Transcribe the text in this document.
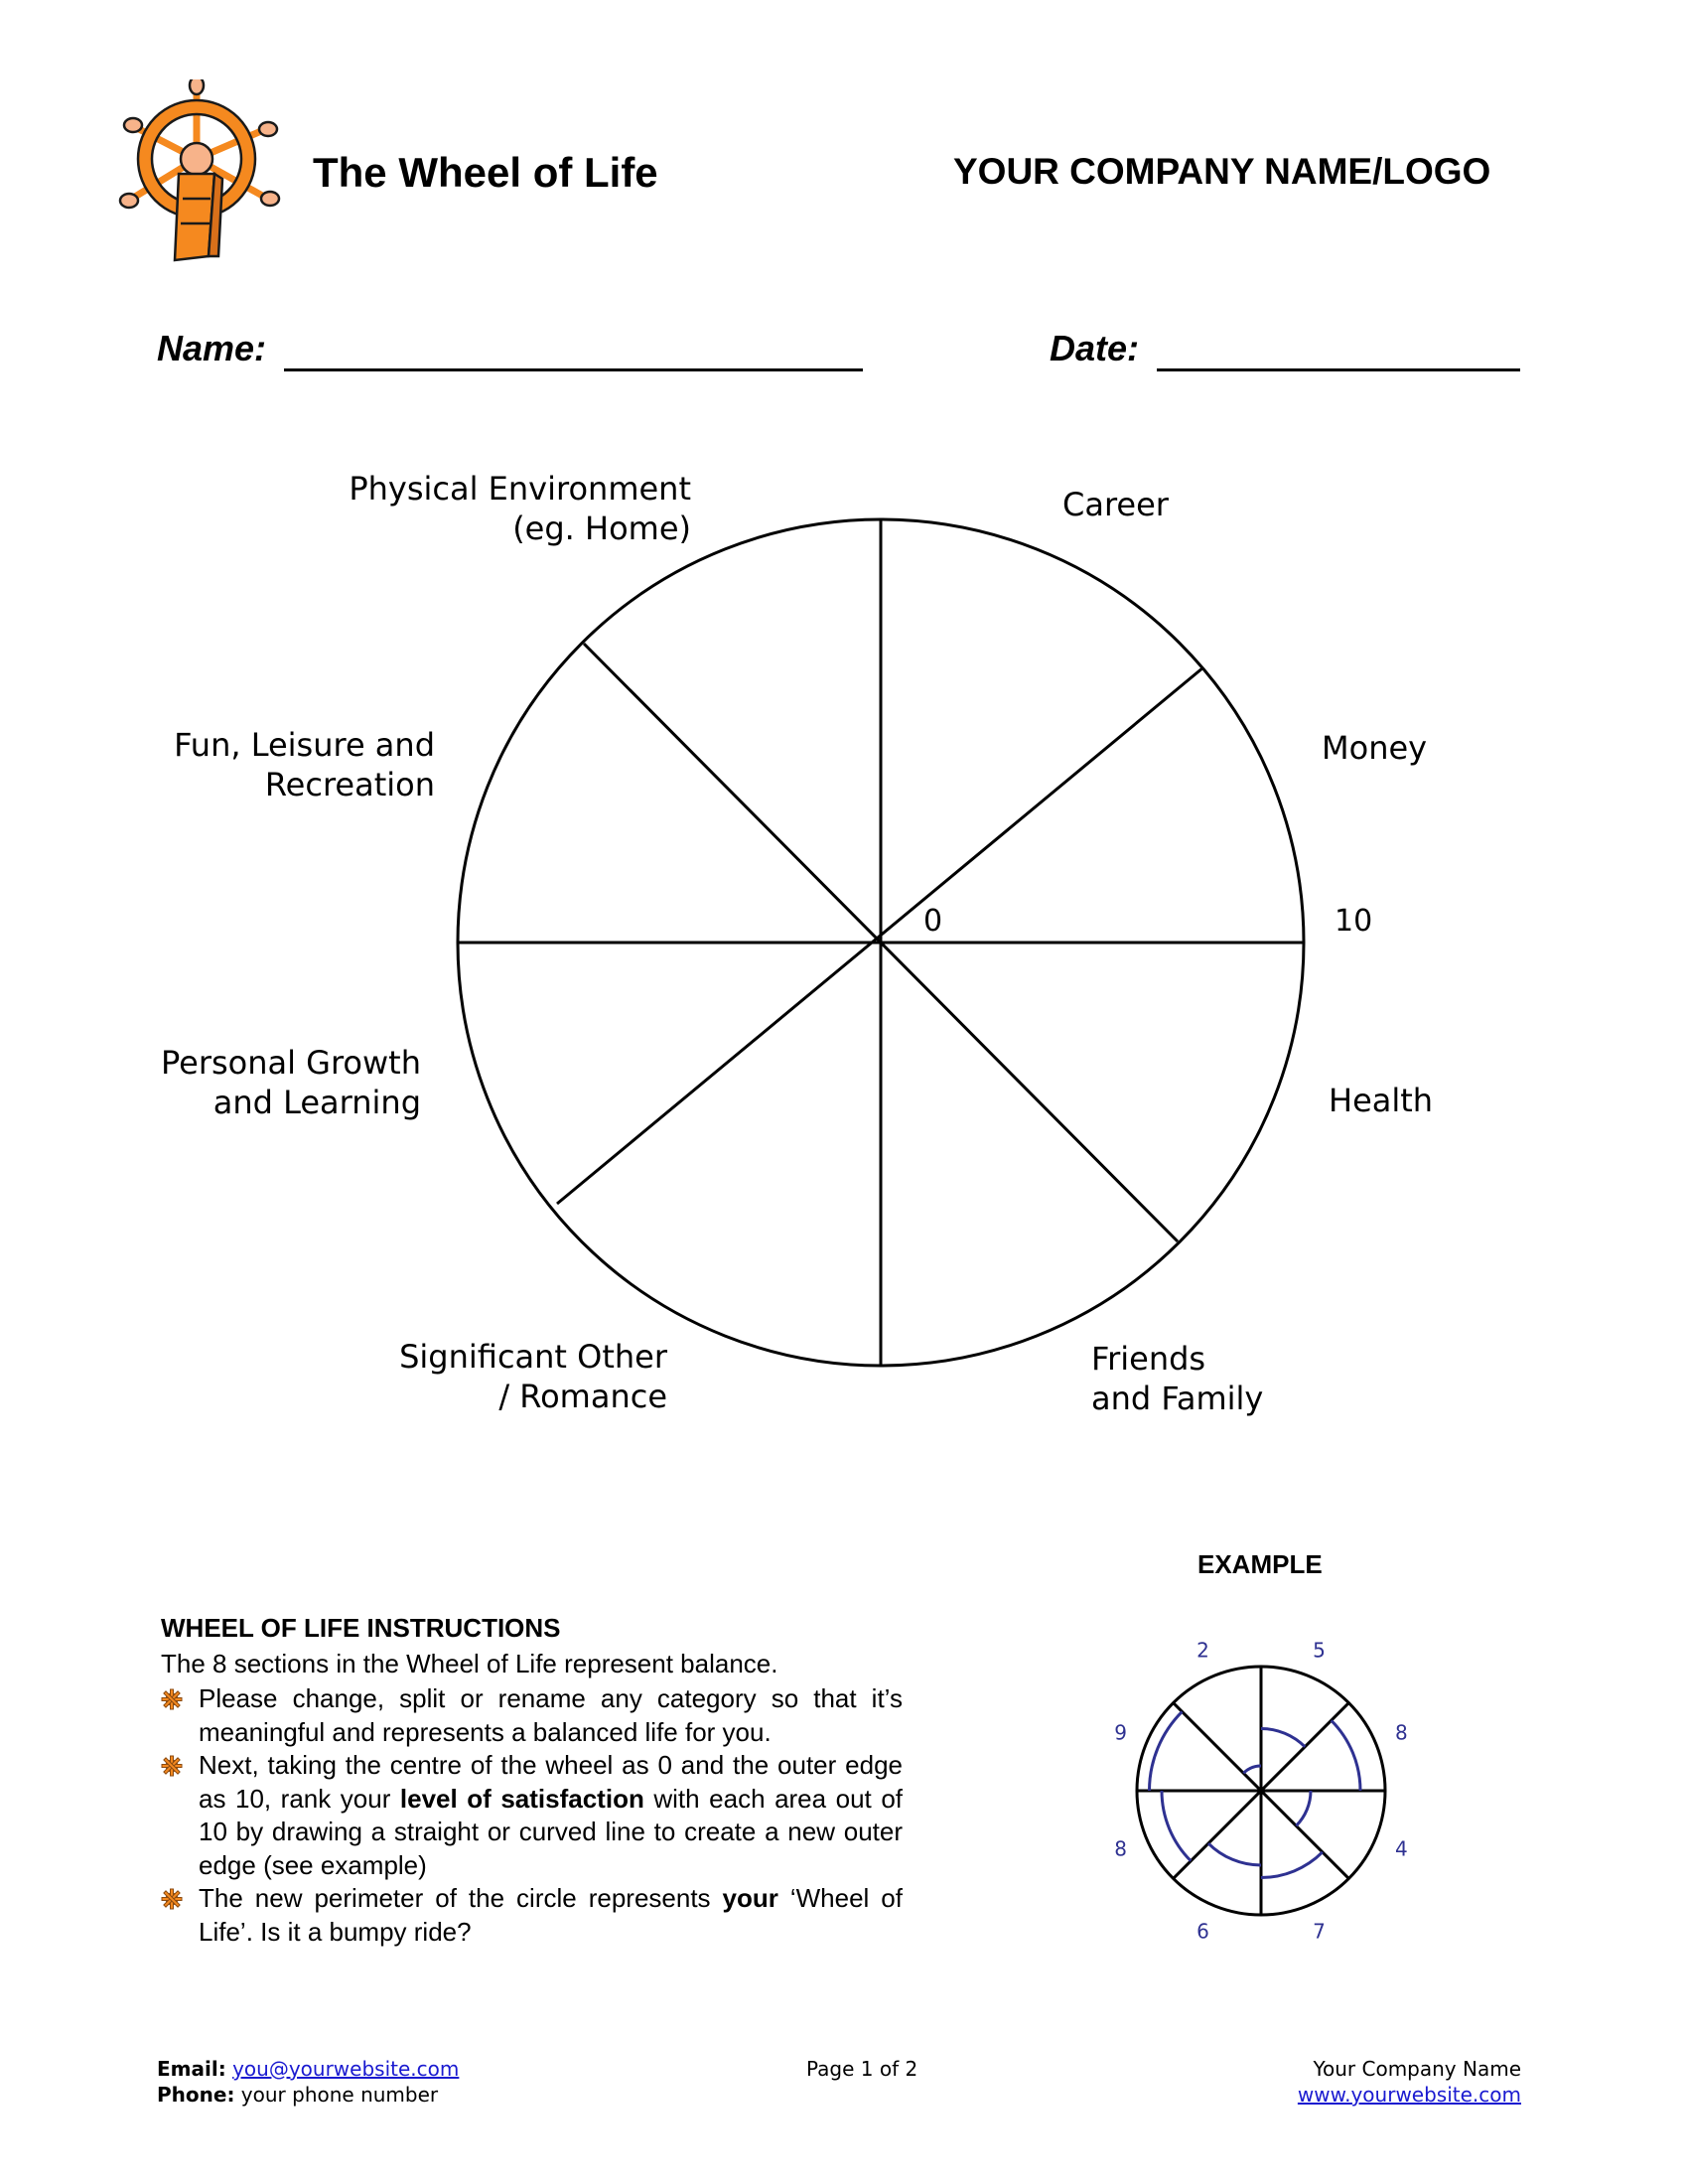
The Wheel of Life	YOUR COMPANY NAME/LOGO
Name:	Date:
0	10
Career
Money
Health
Friends
and Family
Significant Other
/ Romance
Personal Growth
and Learning
Fun, Leisure and
Recreation
Physical Environment
(eg. Home)
WHEEL OF LIFE INSTRUCTIONS
The 8 sections in the Wheel of Life represent balance.
Please change, split or rename any category so that it’s meaningful and represents a balanced life for you.
Next, taking the centre of the wheel as 0 and the outer edge as 10, rank your level of satisfaction with each area out of 10 by drawing a straight or curved line to create a new outer edge (see example)
The new perimeter of the circle represents your ‘Wheel of Life’. Is it a bumpy ride?
EXAMPLE
5
8
4
7
6
8
9
2
Email: you@yourwebsite.com
Phone: your phone number
Page 1 of 2	Your Company Name
www.yourwebsite.com
